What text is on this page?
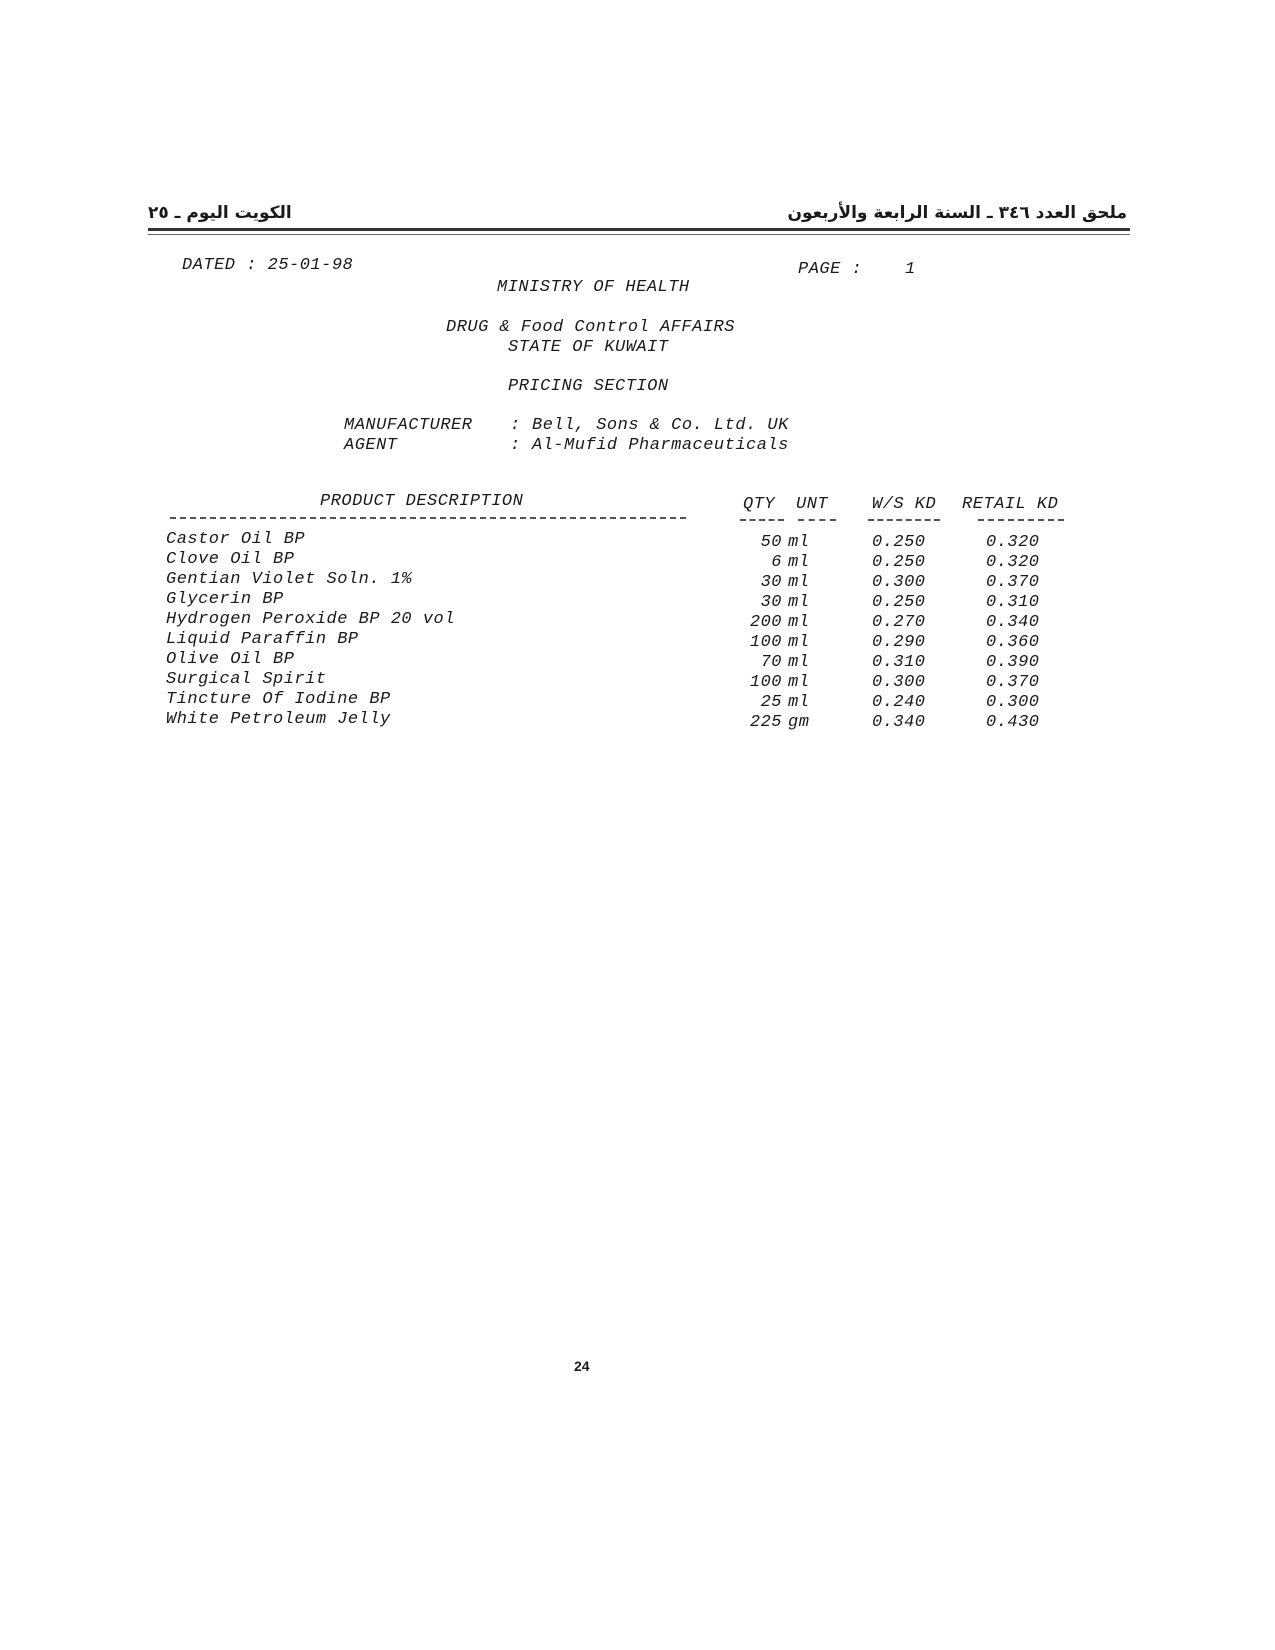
الكويت اليوم ـ ٢٥	ملحق العدد ٣٤٦ ـ السنة الرابعة والأربعون
DATED : 25-01-98	PAGE :    1
MINISTRY OF HEALTH
DRUG & Food Control AFFAIRS
STATE OF KUWAIT
PRICING SECTION
MANUFACTURER : Bell, Sons & Co. Ltd. UK
AGENT	: Al-Mufid Pharmaceuticals
PRODUCT DESCRIPTION	QTY UNT	W/S KD RETAIL KD
Castor Oil BP	50 ml	0.250	0.320
Clove Oil BP	6 ml	0.250	0.320
Gentian Violet Soln. 1%	30 ml	0.300	0.370
Glycerin BP	30 ml	0.250	0.310
Hydrogen Peroxide BP 20 vol	200 ml	0.270	0.340
Liquid Paraffin BP	100 ml	0.290	0.360
Olive Oil BP	70 ml	0.310	0.390
Surgical Spirit	100 ml	0.300	0.370
Tincture Of Iodine BP	25 ml	0.240	0.300
White Petroleum Jelly	225 gm	0.340	0.430
24
